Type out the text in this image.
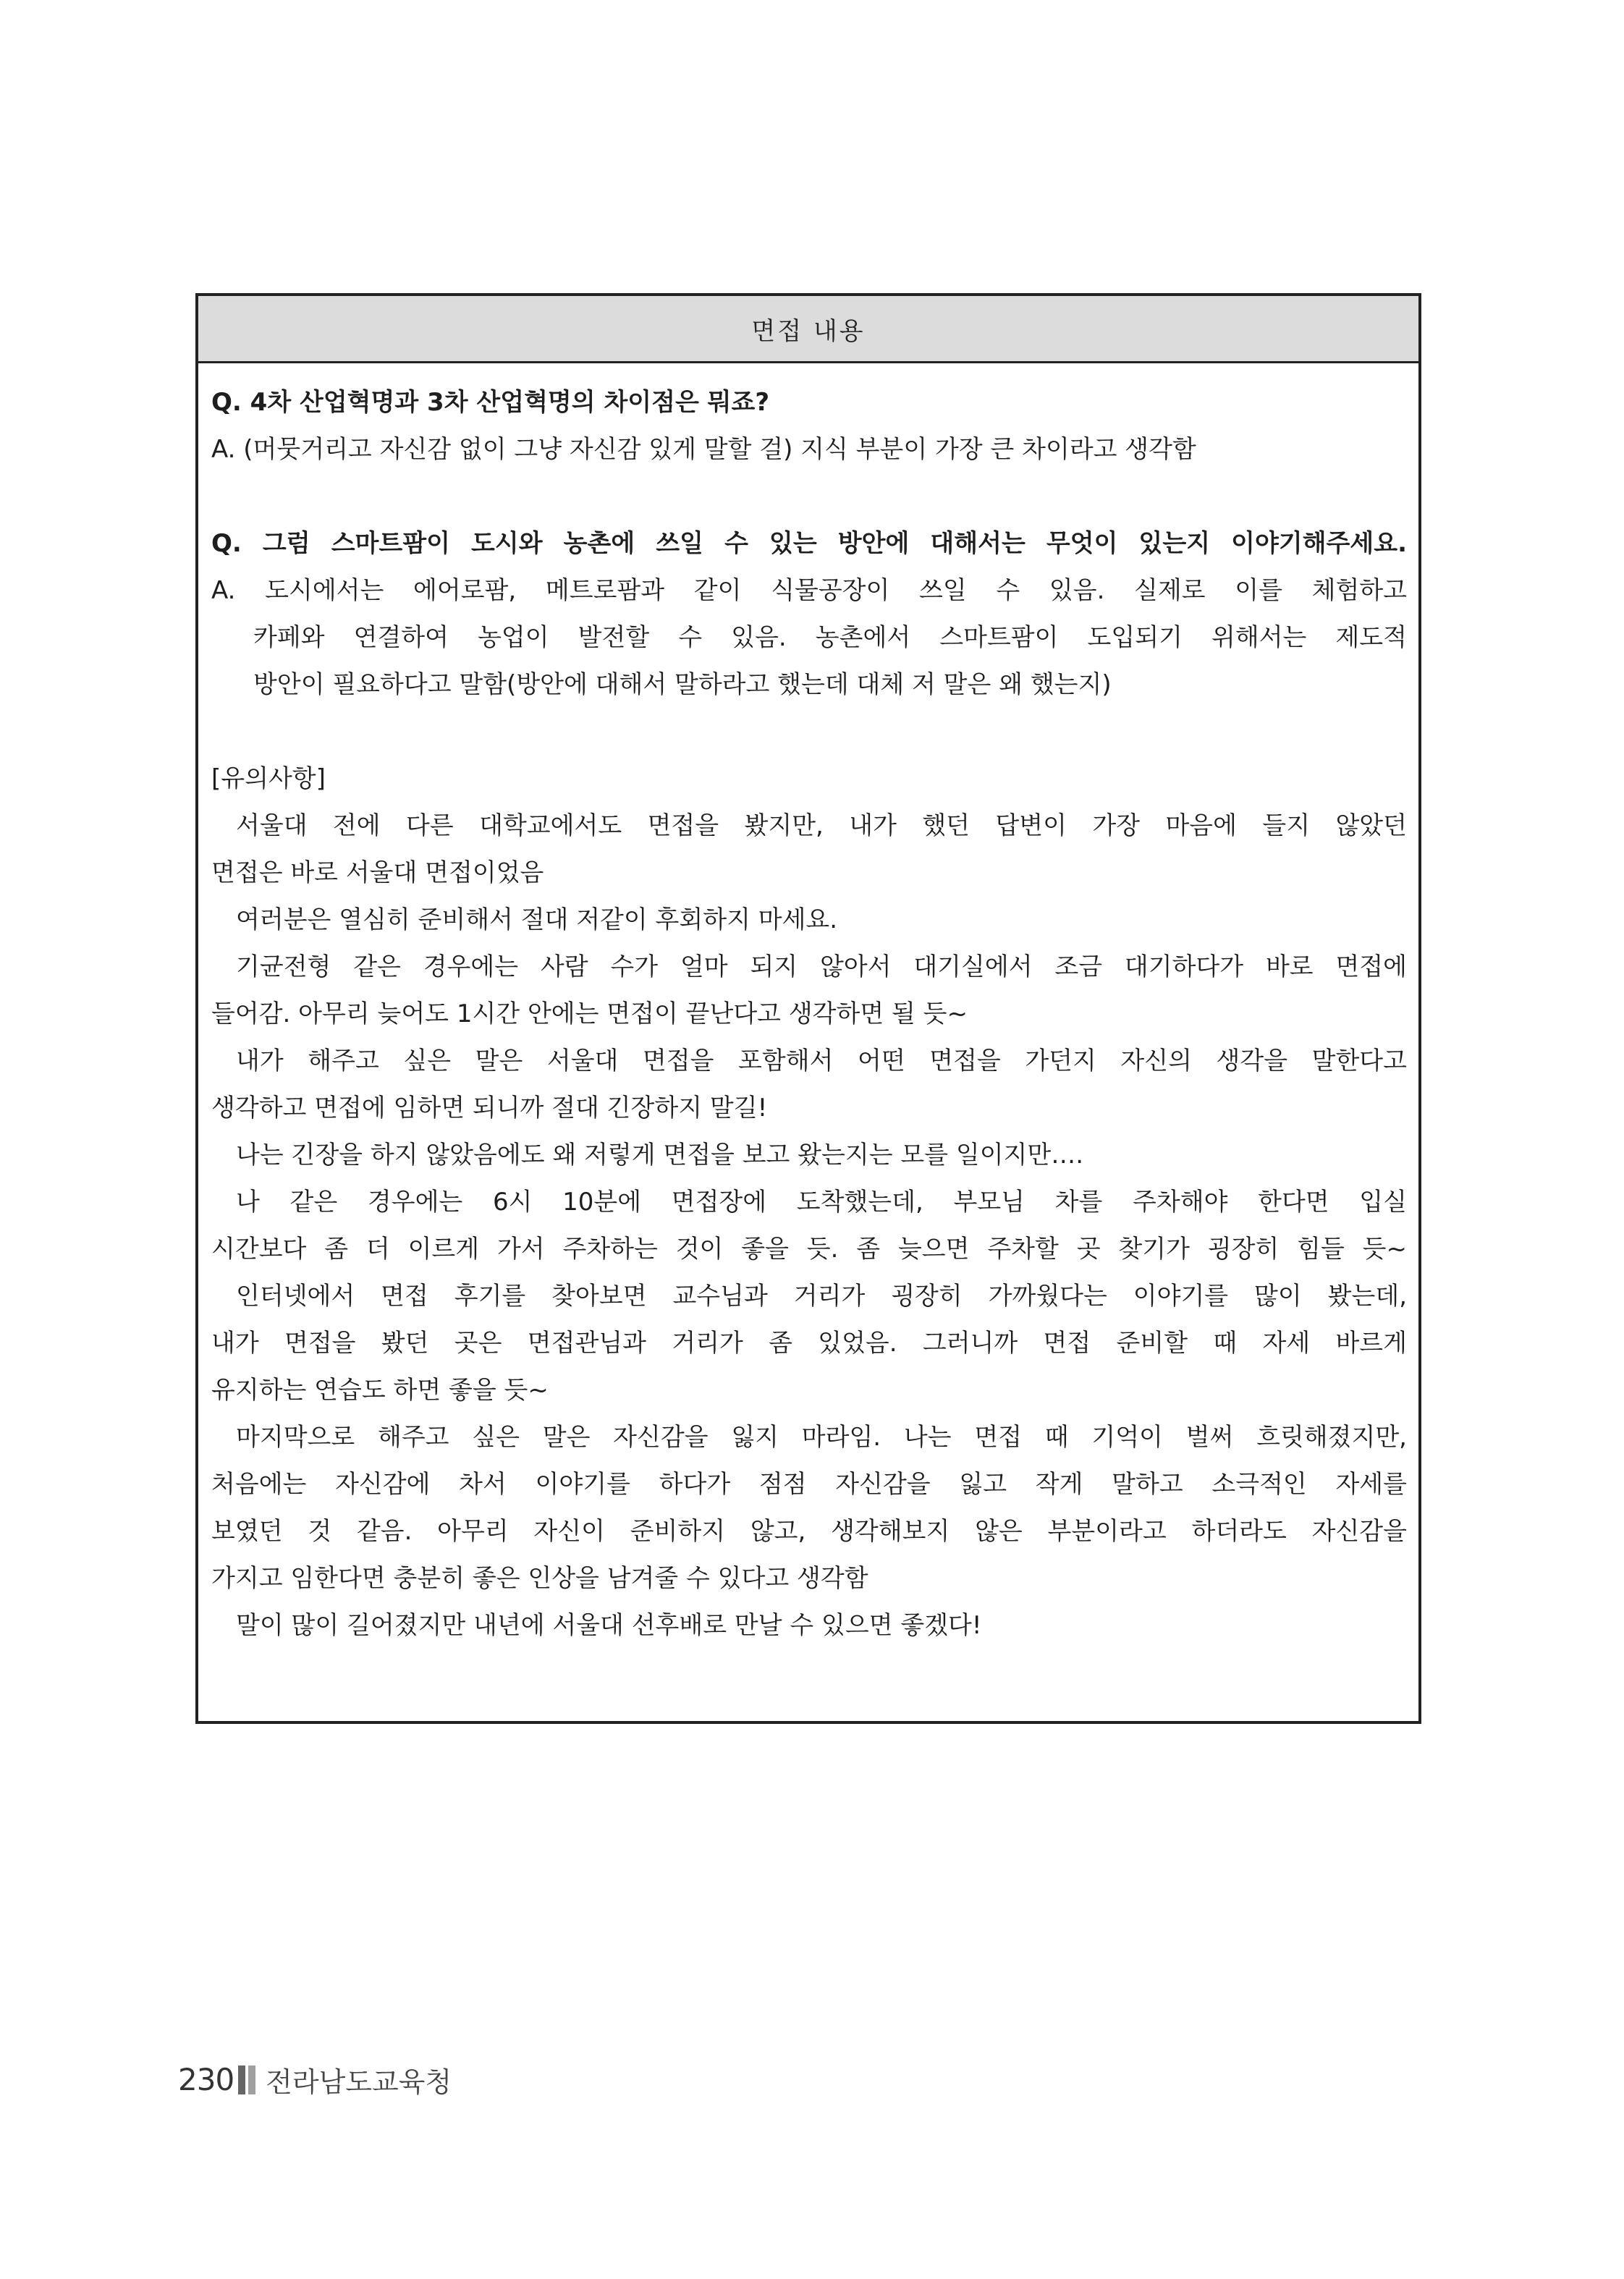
면접 내용
Q. 4차 산업혁명과 3차 산업혁명의 차이점은 뭐죠?
A. (머뭇거리고 자신감 없이 그냥 자신감 있게 말할 걸) 지식 부분이 가장 큰 차이라고 생각함
Q. 그럼 스마트팜이 도시와 농촌에 쓰일 수 있는 방안에 대해서는 무엇이 있는지 이야기해주세요.
A. 도시에서는 에어로팜, 메트로팜과 같이 식물공장이 쓰일 수 있음. 실제로 이를 체험하고
카페와 연결하여 농업이 발전할 수 있음. 농촌에서 스마트팜이 도입되기 위해서는 제도적
방안이 필요하다고 말함(방안에 대해서 말하라고 했는데 대체 저 말은 왜 했는지)
[유의사항]
서울대 전에 다른 대학교에서도 면접을 봤지만, 내가 했던 답변이 가장 마음에 들지 않았던
면접은 바로 서울대 면접이었음
여러분은 열심히 준비해서 절대 저같이 후회하지 마세요.
기균전형 같은 경우에는 사람 수가 얼마 되지 않아서 대기실에서 조금 대기하다가 바로 면접에
들어감. 아무리 늦어도 1시간 안에는 면접이 끝난다고 생각하면 될 듯~
내가 해주고 싶은 말은 서울대 면접을 포함해서 어떤 면접을 가던지 자신의 생각을 말한다고
생각하고 면접에 임하면 되니까 절대 긴장하지 말길!
나는 긴장을 하지 않았음에도 왜 저렇게 면접을 보고 왔는지는 모를 일이지만….
나 같은 경우에는 6시 10분에 면접장에 도착했는데, 부모님 차를 주차해야 한다면 입실
시간보다 좀 더 이르게 가서 주차하는 것이 좋을 듯. 좀 늦으면 주차할 곳 찾기가 굉장히 힘들 듯~
인터넷에서 면접 후기를 찾아보면 교수님과 거리가 굉장히 가까웠다는 이야기를 많이 봤는데,
내가 면접을 봤던 곳은 면접관님과 거리가 좀 있었음. 그러니까 면접 준비할 때 자세 바르게
유지하는 연습도 하면 좋을 듯~
마지막으로 해주고 싶은 말은 자신감을 잃지 마라임. 나는 면접 때 기억이 벌써 흐릿해졌지만,
처음에는 자신감에 차서 이야기를 하다가 점점 자신감을 잃고 작게 말하고 소극적인 자세를
보였던 것 같음. 아무리 자신이 준비하지 않고, 생각해보지 않은 부분이라고 하더라도 자신감을
가지고 임한다면 충분히 좋은 인상을 남겨줄 수 있다고 생각함
말이 많이 길어졌지만 내년에 서울대 선후배로 만날 수 있으면 좋겠다!
230 전라남도교육청
